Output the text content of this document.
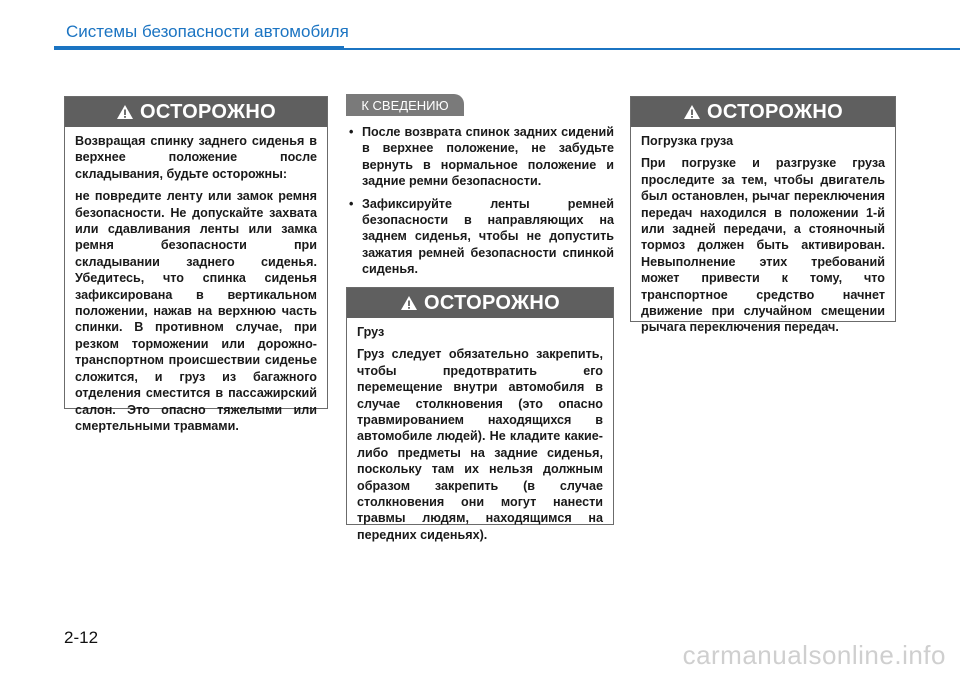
Системы безопасности автомобиля
ОСТОРОЖНО

Возвращая спинку заднего сиденья в верхнее положение после складывания, будьте осторожны:

не повредите ленту или замок ремня безопасности. Не допускайте захвата или сдавливания ленты или замка ремня безопасности при складывании заднего сиденья. Убедитесь, что спинка сиденья зафиксирована в вертикальном положении, нажав на верхнюю часть спинки. В противном случае, при резком торможении или дорожно-транспортном происшествии сиденье сложится, и груз из багажного отделения сместится в пассажирский салон. Это опасно тяжелыми или смертельными травмами.

К СВЕДЕНИЮ
• После возврата спинок задних сидений в верхнее положение, не забудьте вернуть в нормальное положение и задние ремни безопасности.
• Зафиксируйте ленты ремней безопасности в направляющих на заднем сиденья, чтобы не допустить зажатия ремней безопасности спинкой сиденья.
ОСТОРОЖНО

Груз

Груз следует обязательно закрепить, чтобы предотвратить его перемещение внутри автомобиля в случае столкновения (это опасно травмированием находящихся в автомобиле людей). Не кладите какие-либо предметы на задние сиденья, поскольку там их нельзя должным образом закрепить (в случае столкновения они могут нанести травмы людям, находящимся на передних сиденьях).

ОСТОРОЖНО

Погрузка груза

При погрузке и разгрузке груза проследите за тем, чтобы двигатель был остановлен, рычаг переключения передач находился в положении 1-й или задней передачи, а стояночный тормоз должен быть активирован. Невыполнение этих требований может привести к тому, что транспортное средство начнет движение при случайном смещении рычага переключения передач.

2-12
carmanualsonline.info
